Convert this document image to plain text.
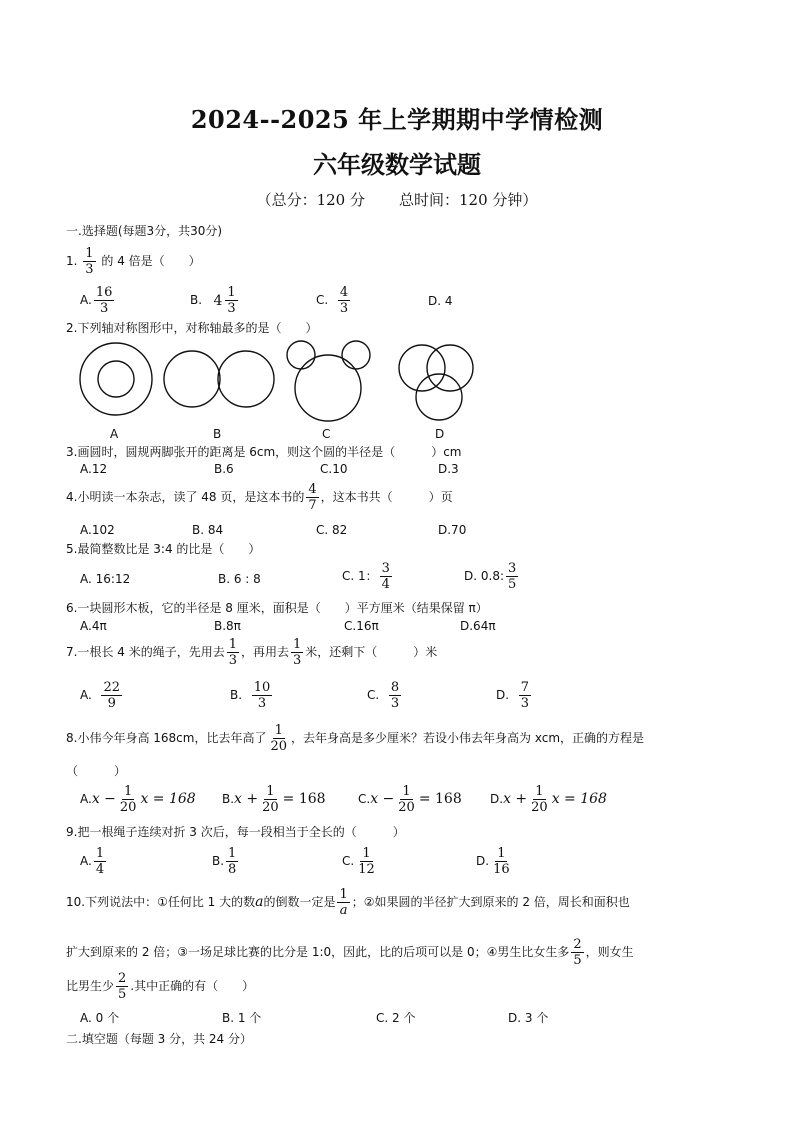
2024--2025 年上学期期中学情检测
六年级数学试题
（总分：120 分 总时间：120 分钟）
一.选择题(每题3分，共30分)
1. $\frac{1}{3}$ 的 4 倍是（　　）
A. $\frac{16}{3}$	B. 4 1
3
C. $\frac{4}{3}$	D. 4
2.下列轴对称图形中，对称轴最多的是（　　）
A	B	C	D
3.画圆时，圆规两脚张开的距离是 6cm，则这个圆的半径是（　　　）cm
A.12	B.6	C.10	D.3
4.小明读一本杂志，读了 48 页，是这本书的 $\frac{4}{7}$ ，这本书共（　　　）页
A.102	B. 84	C. 82	D.70
5.最简整数比是 3:4 的比是（　　）
A. 16:12	B. 6 : 8	C. 1： $\frac{3}{4}$	D. 0.8: $\frac{3}{5}$
6.一块圆形木板，它的半径是 8 厘米，面积是（　　）平方厘米（结果保留 π）
A.4π	B.8π	C.16π	D.64π
7.一根长 4 米的绳子，先用去 $\frac{1}{3}$ ，再用去 $\frac{1}{3}$ 米，还剩下（　　　）米
A. $\frac{22}{9}$	B. $\frac{10}{3}$	C. $\frac{8}{3}$	D. $\frac{7}{3}$
8.小伟今年身高 168cm，比去年高了 $\frac{1}{20}$ ，去年身高是多少厘米？若设小伟去年身高为 xcm，正确的方程是
（　　　）
$A.x - \frac{1}{20}$ x = 168 $B.x + \frac{1}{20} = 168$	$C.x - \frac{1}{20} = 168$ $D.x + \frac{1}{20}$ x = 168
9.把一根绳子连续对折 3 次后，每一段相当于全长的（　　　）
A. $\frac{1}{4}$	B. $\frac{1}{8}$	C. $\frac{1}{12}$	D. $\frac{1}{16}$
10.下列说法中：①任何比 1 大的数a的倒数一定是 $\frac{1}{a}$ ；②如果圆的半径扩大到原来的 2 倍，周长和面积也
扩大到原来的 2 倍；③一场足球比赛的比分是 1:0，因此，比的后项可以是 0；④男生比女生多 $\frac{2}{5}$ ，则女生
比男生少 $\frac{2}{5}$ .其中正确的有（　　）
A. 0 个	B. 1 个	C. 2 个	D. 3 个
二.填空题（每题 3 分，共 24 分）
